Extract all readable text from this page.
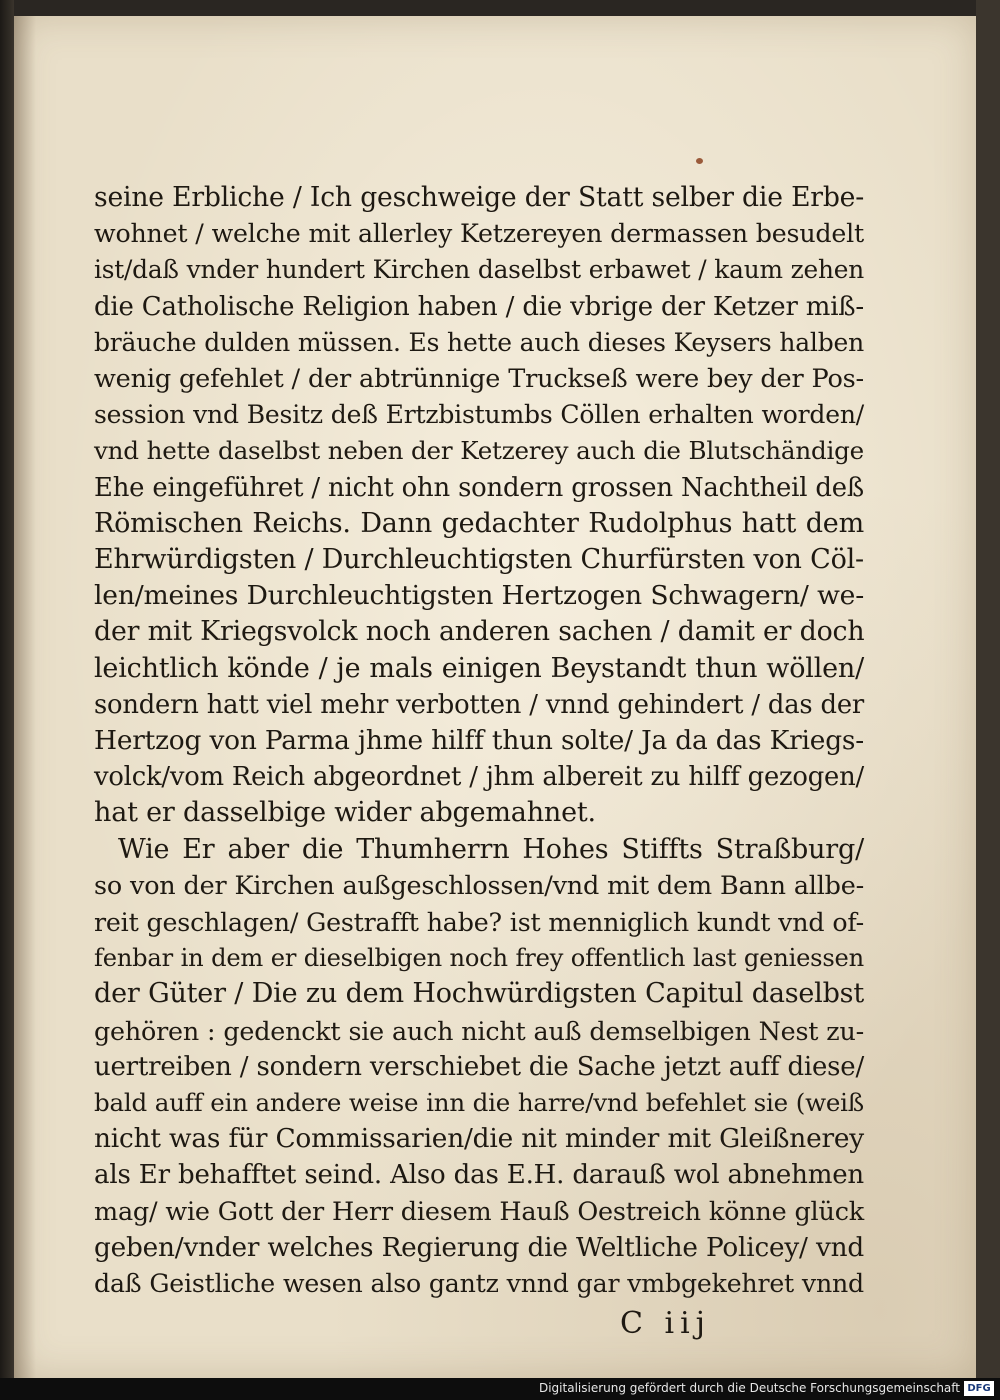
seine Erbliche / Ich geschweige der Statt selber die Erbe-
wohnet / welche mit allerley Ketzereyen dermassen besudelt
ist/daß vnder hundert Kirchen daselbst erbawet / kaum zehen
die Catholische Religion haben / die vbrige der Ketzer miß-
bräuche dulden müssen. Es hette auch dieses Keysers halben
wenig gefehlet / der abtrünnige Truckseß were bey der Pos-
session vnd Besitz deß Ertzbistumbs Cöllen erhalten worden/
vnd hette daselbst neben der Ketzerey auch die Blutschändige
Ehe eingeführet / nicht ohn sondern grossen Nachtheil deß
Römischen Reichs. Dann gedachter Rudolphus hatt dem
Ehrwürdigsten / Durchleuchtigsten Churfürsten von Cöl-
len/meines Durchleuchtigsten Hertzogen Schwagern/ we-
der mit Kriegsvolck noch anderen sachen / damit er doch
leichtlich könde / je mals einigen Beystandt thun wöllen/
sondern hatt viel mehr verbotten / vnnd gehindert / das der
Hertzog von Parma jhme hilff thun solte/ Ja da das Kriegs-
volck/vom Reich abgeordnet / jhm albereit zu hilff gezogen/
hat er dasselbige wider abgemahnet.
Wie Er aber die Thumherrn Hohes Stiffts Straßburg/
so von der Kirchen außgeschlossen/vnd mit dem Bann allbe-
reit geschlagen/ Gestrafft habe? ist menniglich kundt vnd of-
fenbar in dem er dieselbigen noch frey offentlich last geniessen
der Güter / Die zu dem Hochwürdigsten Capitul daselbst
gehören : gedenckt sie auch nicht auß demselbigen Nest zu-
uertreiben / sondern verschiebet die Sache jetzt auff diese/
bald auff ein andere weise inn die harre/vnd befehlet sie (weiß
nicht was für Commissarien/die nit minder mit Gleißnerey
als Er behafftet seind. Also das E.H. darauß wol abnehmen
mag/ wie Gott der Herr diesem Hauß Oestreich könne glück
geben/vnder welches Regierung die Weltliche Policey/ vnd
daß Geistliche wesen also gantz vnnd gar vmbgekehret vnnd
C iij
Digitalisierung gefördert durch die Deutsche Forschungsgemeinschaft DFG
